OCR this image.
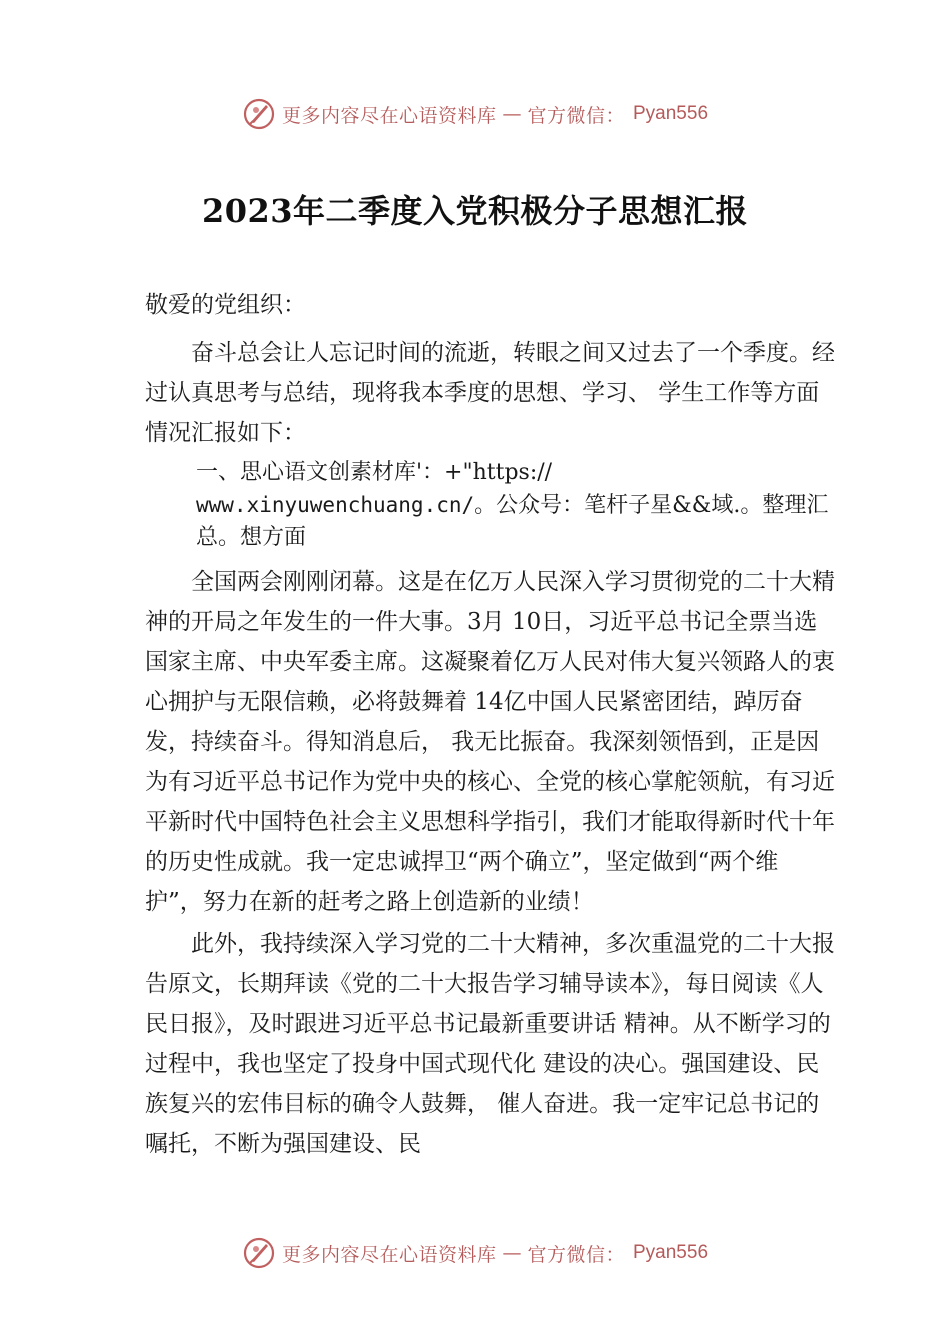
更多内容尽在心语资料库 — 官方微信： Pyan556
2023年二季度入党积极分子思想汇报

敬爱的党组织：

奋斗总会让人忘记时间的流逝，转眼之间又过去了一个季度。经过认真思考与总结，现将我本季度的思想、学习、 学生工作等方面情况汇报如下：

一、思心语文创素材库'：+"https://
www.xinyuwenchuang.cn/。公众号：笔杆子星&&域.。整理汇总。想方面

全国两会刚刚闭幕。这是在亿万人民深入学习贯彻党的二十大精神的开局之年发生的一件大事。3月 10日，习近平总书记全票当选国家主席、中央军委主席。这凝聚着亿万人民对伟大复兴领路人的衷心拥护与无限信赖，必将鼓舞着 14亿中国人民紧密团结，踔厉奋发，持续奋斗。得知消息后， 我无比振奋。我深刻领悟到，正是因为有习近平总书记作为党中央的核心、全党的核心掌舵领航，有习近平新时代中国特色社会主义思想科学指引，我们才能取得新时代十年的历史性成就。我一定忠诚捍卫“两个确立”，坚定做到“两个维护”，努力在新的赶考之路上创造新的业绩！

此外，我持续深入学习党的二十大精神，多次重温党的二十大报告原文，长期拜读《党的二十大报告学习辅导读本》，每日阅读《人民日报》，及时跟进习近平总书记最新重要讲话 精神。从不断学习的过程中，我也坚定了投身中国式现代化 建设的决心。强国建设、民族复兴的宏伟目标的确令人鼓舞， 催人奋进。我一定牢记总书记的嘱托，不断为强国建设、民

更多内容尽在心语资料库 — 官方微信： Pyan556
